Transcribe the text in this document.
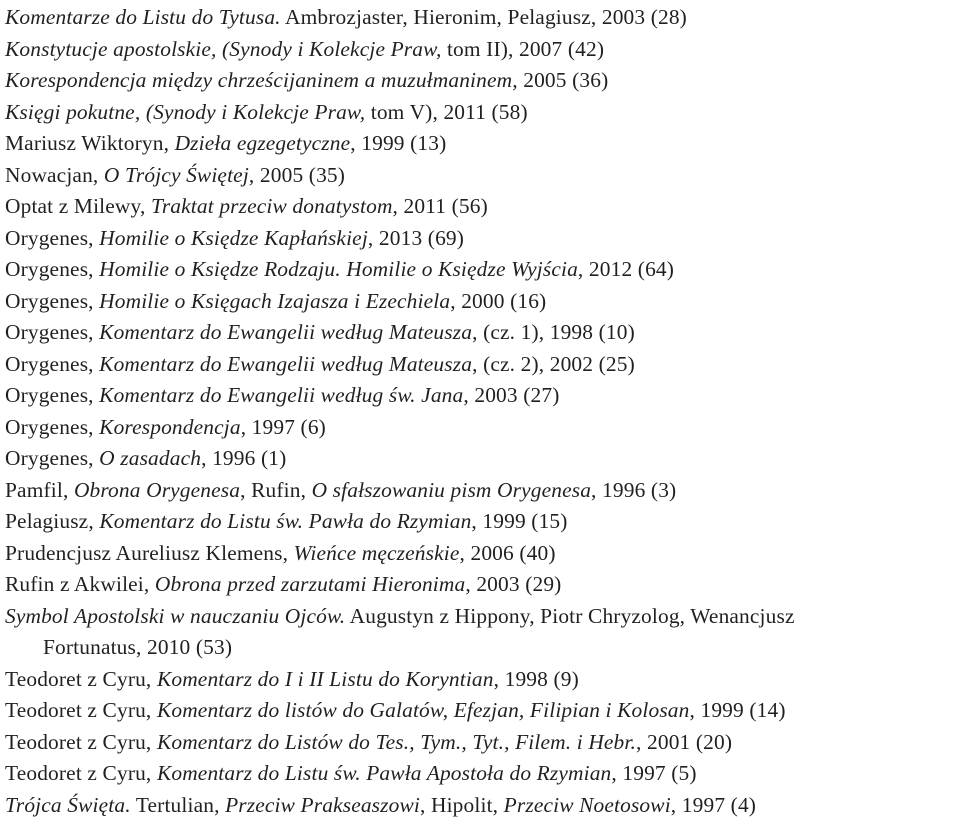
Komentarze do Listu do Tytusa. Ambrozjaster, Hieronim, Pelagiusz, 2003 (28)
Konstytucje apostolskie, (Synody i Kolekcje Praw, tom II), 2007 (42)
Korespondencja między chrześcijaninem a muzułmaninem, 2005 (36)
Księgi pokutne, (Synody i Kolekcje Praw, tom V), 2011 (58)
Mariusz Wiktoryn, Dzieła egzegetyczne, 1999 (13)
Nowacjan, O Trójcy Świętej, 2005 (35)
Optat z Milewy, Traktat przeciw donatystom, 2011 (56)
Orygenes, Homilie o Księdze Kapłańskiej, 2013 (69)
Orygenes, Homilie o Księdze Rodzaju. Homilie o Księdze Wyjścia, 2012 (64)
Orygenes, Homilie o Księgach Izajasza i Ezechiela, 2000 (16)
Orygenes, Komentarz do Ewangelii według Mateusza, (cz. 1), 1998 (10)
Orygenes, Komentarz do Ewangelii według Mateusza, (cz. 2), 2002 (25)
Orygenes, Komentarz do Ewangelii według św. Jana, 2003 (27)
Orygenes, Korespondencja, 1997 (6)
Orygenes, O zasadach, 1996 (1)
Pamfil, Obrona Orygenesa, Rufin, O sfałszowaniu pism Orygenesa, 1996 (3)
Pelagiusz, Komentarz do Listu św. Pawła do Rzymian, 1999 (15)
Prudencjusz Aureliusz Klemens, Wieńce męczeńskie, 2006 (40)
Rufin z Akwilei, Obrona przed zarzutami Hieronima, 2003 (29)
Symbol Apostolski w nauczaniu Ojców. Augustyn z Hippony, Piotr Chryzolog, Wenancjusz
Fortunatus, 2010 (53)
Teodoret z Cyru, Komentarz do I i II Listu do Koryntian, 1998 (9)
Teodoret z Cyru, Komentarz do listów do Galatów, Efezjan, Filipian i Kolosan, 1999 (14)
Teodoret z Cyru, Komentarz do Listów do Tes., Tym., Tyt., Filem. i Hebr., 2001 (20)
Teodoret z Cyru, Komentarz do Listu św. Pawła Apostoła do Rzymian, 1997 (5)
Trójca Święta. Tertulian, Przeciw Prakseaszowi, Hipolit, Przeciw Noetosowi, 1997 (4)
